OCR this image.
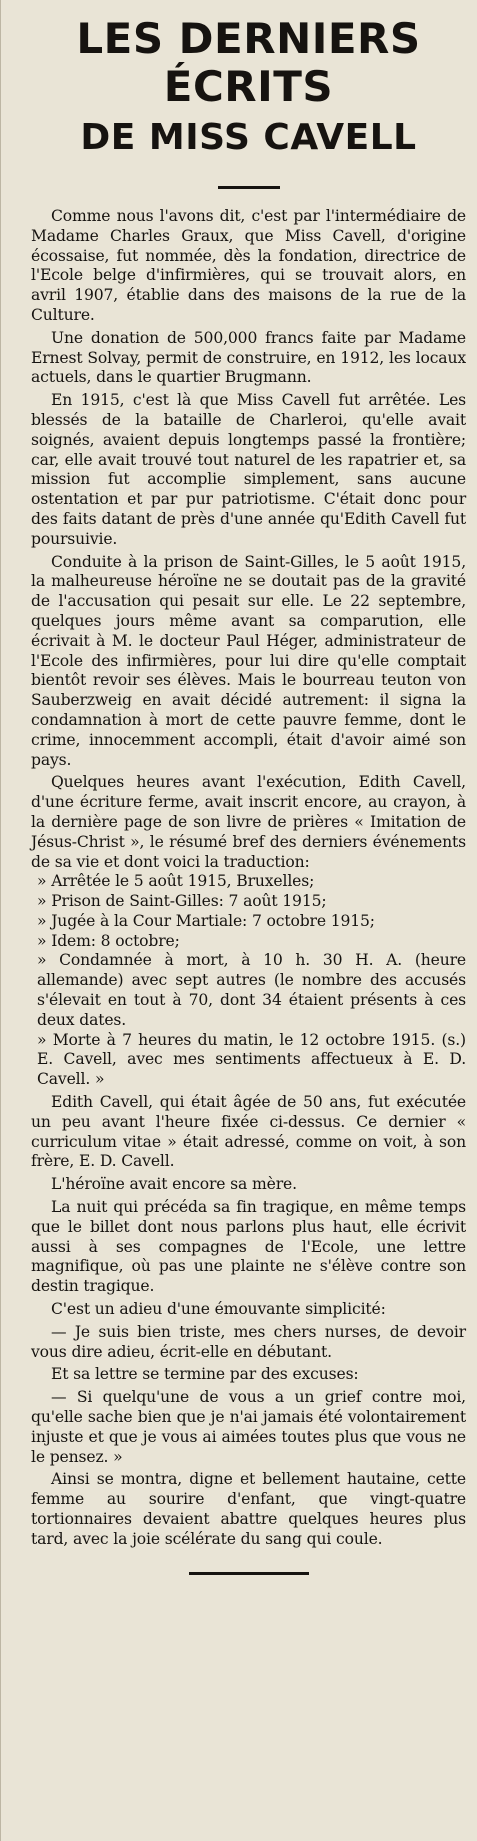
LES DERNIERS
ÉCRITS
DE MISS CAVELL

Comme nous l'avons dit, c'est par l'intermédiaire de Madame Charles Graux, que Miss Cavell, d'origine écossaise, fut nommée, dès la fondation, directrice de l'Ecole belge d'infirmières, qui se trouvait alors, en avril 1907, établie dans des maisons de la rue de la Culture.

Une donation de 500,000 francs faite par Madame Ernest Solvay, permit de construire, en 1912, les locaux actuels, dans le quartier Brugmann.

En 1915, c'est là que Miss Cavell fut arrêtée. Les blessés de la bataille de Charleroi, qu'elle avait soignés, avaient depuis longtemps passé la frontière; car, elle avait trouvé tout naturel de les rapatrier et, sa mission fut accomplie simplement, sans aucune ostentation et par pur patriotisme. C'était donc pour des faits datant de près d'une année qu'Edith Cavell fut poursuivie.

Conduite à la prison de Saint-Gilles, le 5 août 1915, la malheureuse héroïne ne se doutait pas de la gravité de l'accusation qui pesait sur elle. Le 22 septembre, quelques jours même avant sa comparution, elle écrivait à M. le docteur Paul Héger, administrateur de l'Ecole des infirmières, pour lui dire qu'elle comptait bientôt revoir ses élèves. Mais le bourreau teuton von Sauberzweig en avait décidé autrement: il signa la condamnation à mort de cette pauvre femme, dont le crime, innocemment accompli, était d'avoir aimé son pays.

Quelques heures avant l'exécution, Edith Cavell, d'une écriture ferme, avait inscrit encore, au crayon, à la dernière page de son livre de prières « Imitation de Jésus-Christ », le résumé bref des derniers événements de sa vie et dont voici la traduction:

» Arrêtée le 5 août 1915, Bruxelles;

» Prison de Saint-Gilles: 7 août 1915;

» Jugée à la Cour Martiale: 7 octobre 1915;

» Idem: 8 octobre;

» Condamnée à mort, à 10 h. 30 H. A. (heure allemande) avec sept autres (le nombre des accusés s'élevait en tout à 70, dont 34 étaient présents à ces deux dates.

» Morte à 7 heures du matin, le 12 octobre 1915. (s.) E. Cavell, avec mes sentiments affectueux à E. D. Cavell. »

Edith Cavell, qui était âgée de 50 ans, fut exécutée un peu avant l'heure fixée ci-dessus. Ce dernier « curriculum vitae » était adressé, comme on voit, à son frère, E. D. Cavell.

L'héroïne avait encore sa mère.

La nuit qui précéda sa fin tragique, en même temps que le billet dont nous parlons plus haut, elle écrivit aussi à ses compagnes de l'Ecole, une lettre magnifique, où pas une plainte ne s'élève contre son destin tragique.

C'est un adieu d'une émouvante simplicité:

— Je suis bien triste, mes chers nurses, de devoir vous dire adieu, écrit-elle en débutant.

Et sa lettre se termine par des excuses:

— Si quelqu'une de vous a un grief contre moi, qu'elle sache bien que je n'ai jamais été volontairement injuste et que je vous ai aimées toutes plus que vous ne le pensez. »

Ainsi se montra, digne et bellement hautaine, cette femme au sourire d'enfant, que vingt-quatre tortionnaires devaient abattre quelques heures plus tard, avec la joie scélérate du sang qui coule.
